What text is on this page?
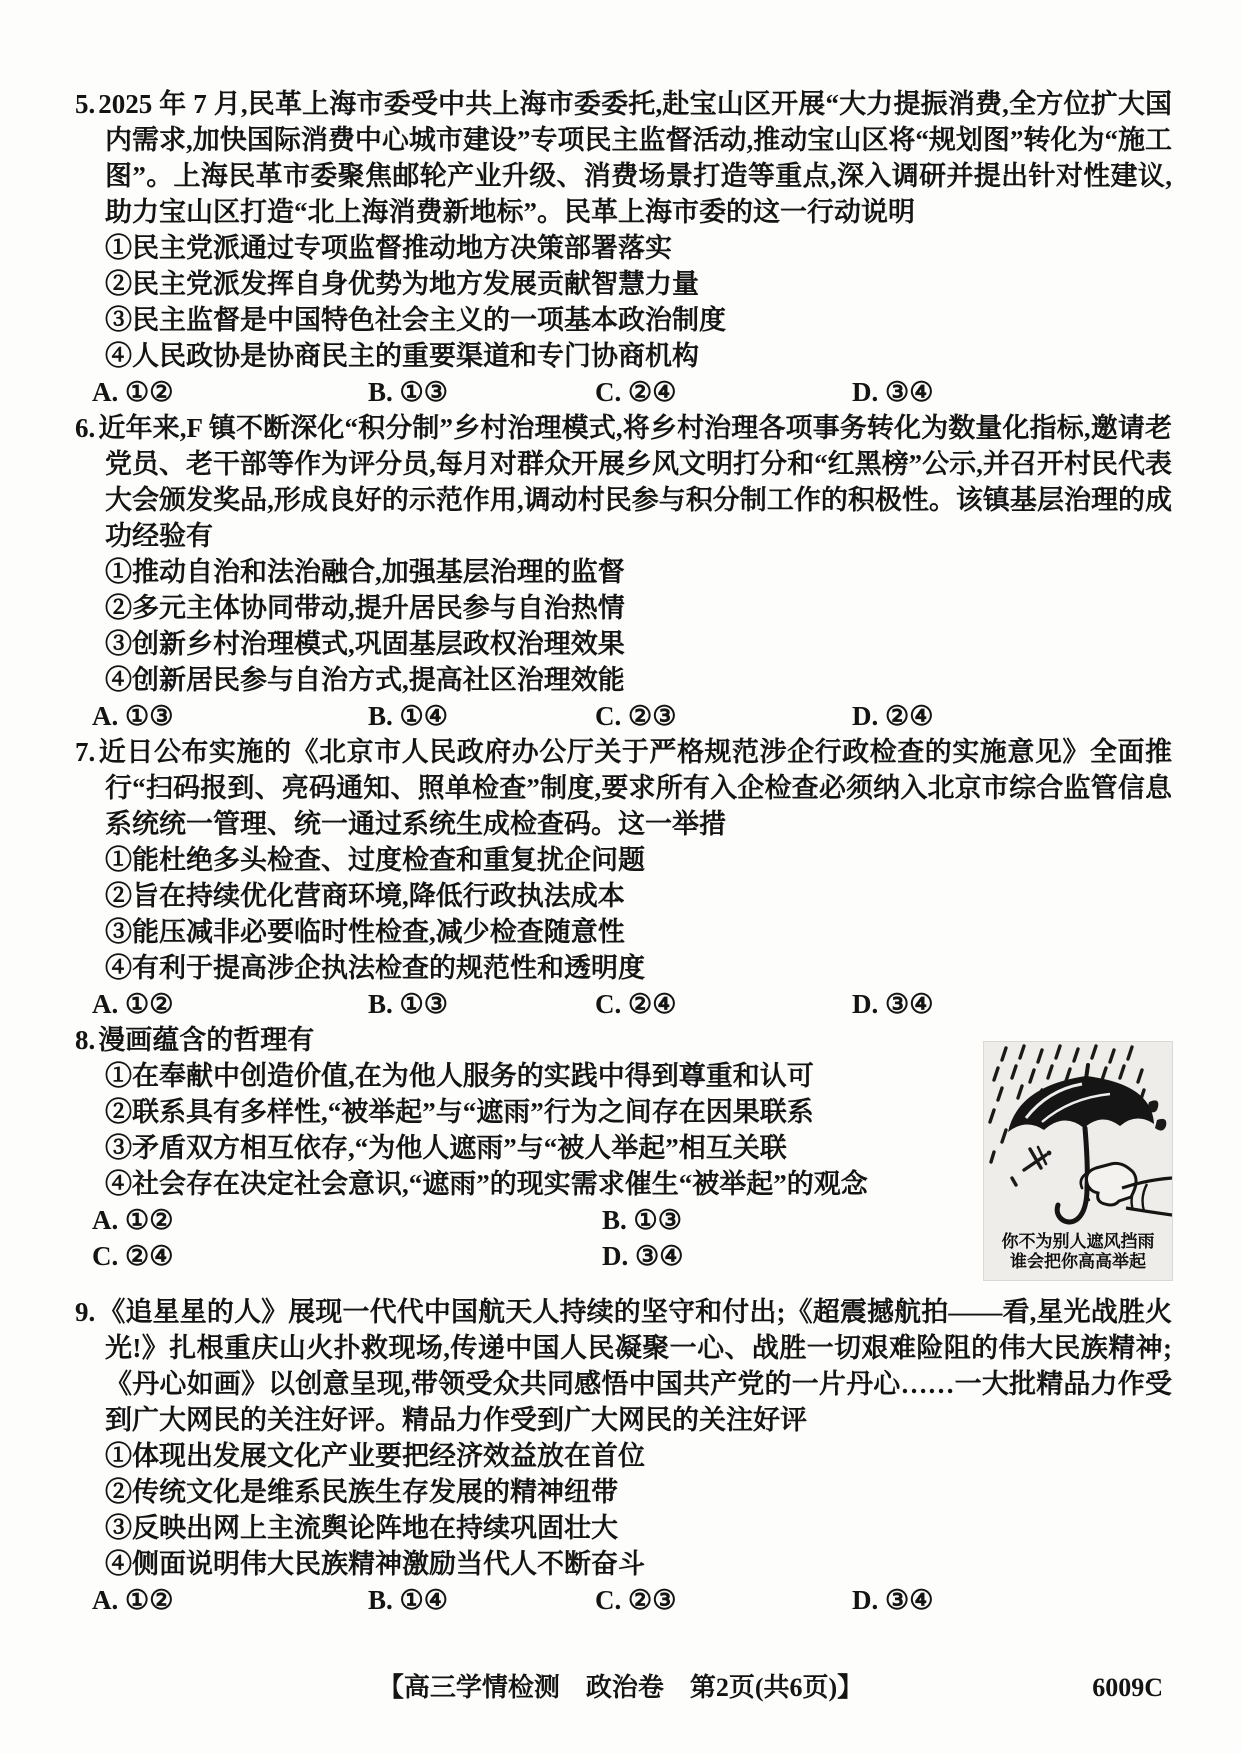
5. 2025 年 7 月,民革上海市委受中共上海市委委托,赴宝山区开展“大力提振消费,全方位扩大国内需求,加快国际消费中心城市建设”专项民主监督活动,推动宝山区将“规划图”转化为“施工图”。上海民革市委聚焦邮轮产业升级、消费场景打造等重点,深入调研并提出针对性建议,助力宝山区打造“北上海消费新地标”。民革上海市委的这一行动说明

①民主党派通过专项监督推动地方决策部署落实

②民主党派发挥自身优势为地方发展贡献智慧力量

③民主监督是中国特色社会主义的一项基本政治制度

④人民政协是协商民主的重要渠道和专门协商机构

A. ①②	B. ①③	C. ②④	D. ③④

6. 近年来,F 镇不断深化“积分制”乡村治理模式,将乡村治理各项事务转化为数量化指标,邀请老党员、老干部等作为评分员,每月对群众开展乡风文明打分和“红黑榜”公示,并召开村民代表大会颁发奖品,形成良好的示范作用,调动村民参与积分制工作的积极性。该镇基层治理的成功经验有

①推动自治和法治融合,加强基层治理的监督

②多元主体协同带动,提升居民参与自治热情

③创新乡村治理模式,巩固基层政权治理效果

④创新居民参与自治方式,提高社区治理效能

A. ①③	B. ①④	C. ②③	D. ②④

7. 近日公布实施的《北京市人民政府办公厅关于严格规范涉企行政检查的实施意见》全面推行“扫码报到、亮码通知、照单检查”制度,要求所有入企检查必须纳入北京市综合监管信息系统统一管理、统一通过系统生成检查码。这一举措

①能杜绝多头检查、过度检查和重复扰企问题

②旨在持续优化营商环境,降低行政执法成本

③能压减非必要临时性检查,减少检查随意性

④有利于提高涉企执法检查的规范性和透明度

A. ①②	B. ①③	C. ②④	D. ③④

8. 漫画蕴含的哲理有

①在奉献中创造价值,在为他人服务的实践中得到尊重和认可

②联系具有多样性,“被举起”与“遮雨”行为之间存在因果联系

③矛盾双方相互依存,“为他人遮雨”与“被人举起”相互关联

④社会存在决定社会意识,“遮雨”的现实需求催生“被举起”的观念

A. ①②	B. ①③
C. ②④	D. ③④	你不为别人遮风挡雨

谁会把你高高举起

9. 《追星星的人》展现一代代中国航天人持续的坚守和付出;《超震撼航拍——看,星光战胜火光!》扎根重庆山火扑救现场,传递中国人民凝聚一心、战胜一切艰难险阻的伟大民族精神;《丹心如画》以创意呈现,带领受众共同感悟中国共产党的一片丹心……一大批精品力作受到广大网民的关注好评。精品力作受到广大网民的关注好评

①体现出发展文化产业要把经济效益放在首位

②传统文化是维系民族生存发展的精神纽带

③反映出网上主流舆论阵地在持续巩固壮大

④侧面说明伟大民族精神激励当代人不断奋斗

A. ①②	B. ①④	C. ②③	D. ③④

【高三学情检测　政治卷　第2页(共6页)】	6009C
